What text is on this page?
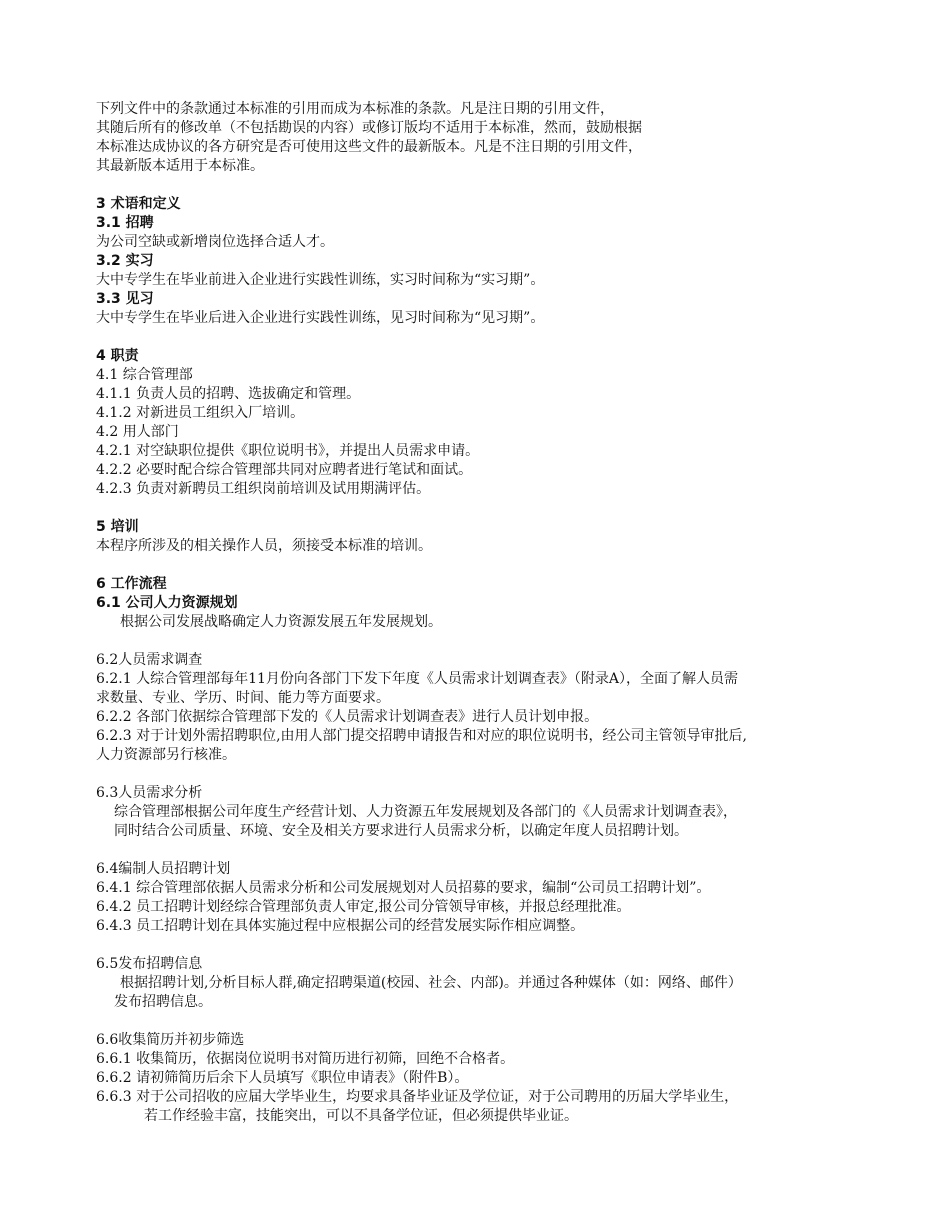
下列文件中的条款通过本标准的引用而成为本标准的条款。凡是注日期的引用文件，
其随后所有的修改单（不包括勘误的内容）或修订版均不适用于本标准，然而，鼓励根据
本标准达成协议的各方研究是否可使用这些文件的最新版本。凡是不注日期的引用文件，
其最新版本适用于本标准。
3 术语和定义
3.1 招聘
为公司空缺或新增岗位选择合适人才。
3.2 实习
大中专学生在毕业前进入企业进行实践性训练，实习时间称为“实习期”。
3.3 见习
大中专学生在毕业后进入企业进行实践性训练，见习时间称为“见习期”。
4 职责
4.1 综合管理部
4.1.1 负责人员的招聘、选拔确定和管理。
4.1.2 对新进员工组织入厂培训。
4.2 用人部门
4.2.1 对空缺职位提供《职位说明书》，并提出人员需求申请。
4.2.2 必要时配合综合管理部共同对应聘者进行笔试和面试。
4.2.3 负责对新聘员工组织岗前培训及试用期满评估。
5 培训
本程序所涉及的相关操作人员，须接受本标准的培训。
6 工作流程
6.1 公司人力资源规划
根据公司发展战略确定人力资源发展五年发展规划。
6.2人员需求调查
6.2.1 人综合管理部每年11月份向各部门下发下年度《人员需求计划调查表》（附录A），全面了解人员需
求数量、专业、学历、时间、能力等方面要求。
6.2.2 各部门依据综合管理部下发的《人员需求计划调查表》进行人员计划申报。
6.2.3 对于计划外需招聘职位,由用人部门提交招聘申请报告和对应的职位说明书，经公司主管领导审批后,
人力资源部另行核准。
6.3人员需求分析
综合管理部根据公司年度生产经营计划、人力资源五年发展规划及各部门的《人员需求计划调查表》，
同时结合公司质量、环境、安全及相关方要求进行人员需求分析，以确定年度人员招聘计划。
6.4编制人员招聘计划
6.4.1 综合管理部依据人员需求分析和公司发展规划对人员招募的要求，编制“公司员工招聘计划”。
6.4.2 员工招聘计划经综合管理部负责人审定,报公司分管领导审核，并报总经理批准。
6.4.3 员工招聘计划在具体实施过程中应根据公司的经营发展实际作相应调整。
6.5发布招聘信息
根据招聘计划,分析目标人群,确定招聘渠道(校园、社会、内部)。并通过各种媒体（如：网络、邮件）
发布招聘信息。
6.6收集简历并初步筛选
6.6.1 收集简历，依据岗位说明书对简历进行初筛，回绝不合格者。
6.6.2 请初筛简历后余下人员填写《职位申请表》（附件B）。
6.6.3 对于公司招收的应届大学毕业生，均要求具备毕业证及学位证，对于公司聘用的历届大学毕业生，
若工作经验丰富，技能突出，可以不具备学位证，但必须提供毕业证。
